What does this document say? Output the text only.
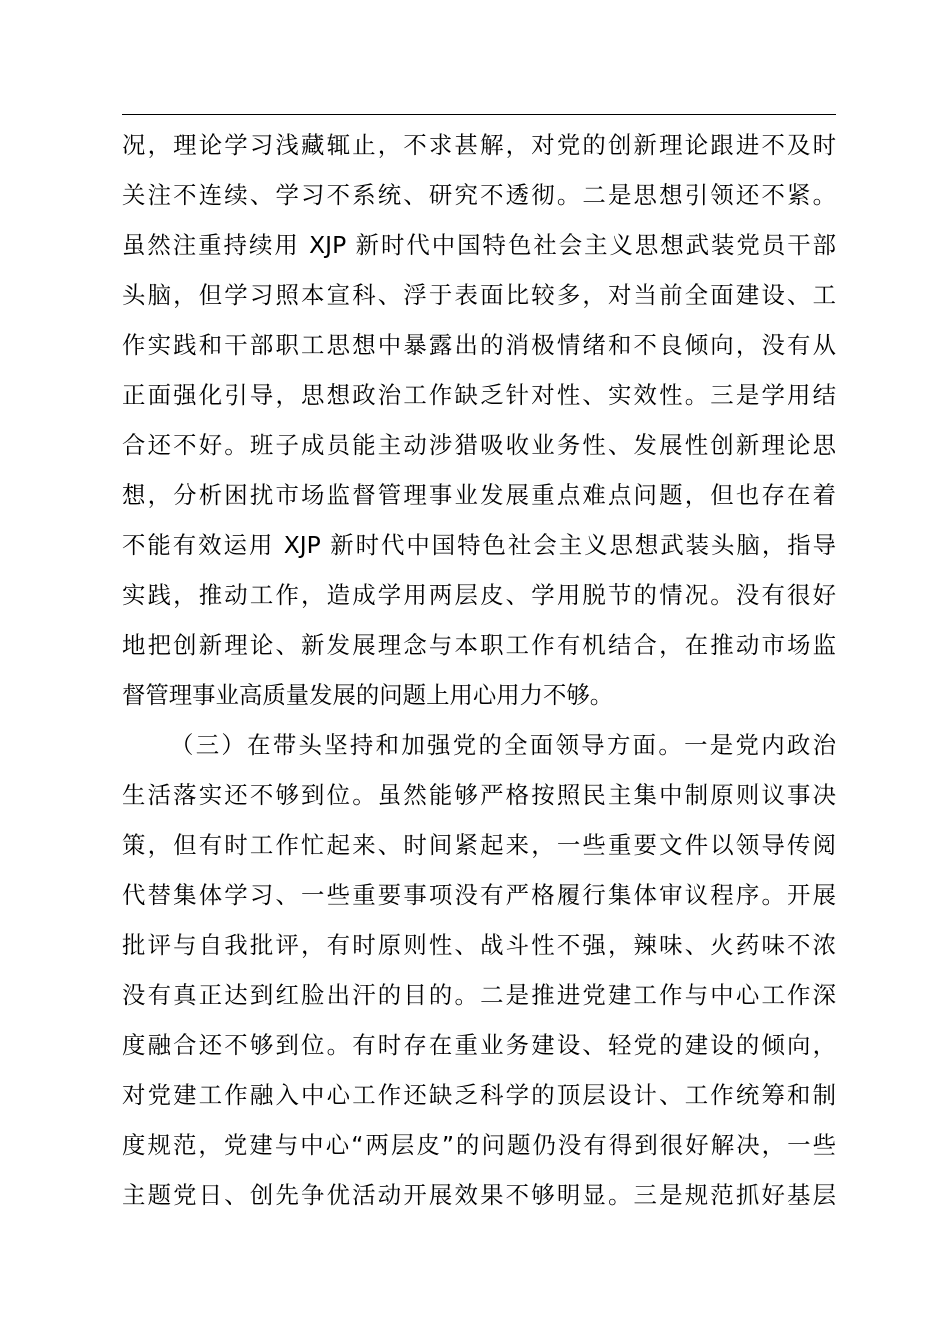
况，理论学习浅藏辄止，不求甚解，对党的创新理论跟进不及时
关注不连续、学习不系统、研究不透彻。二是思想引领还不紧。
虽然注重持续用 XJP 新时代中国特色社会主义思想武装党员干部
头脑，但学习照本宣科、浮于表面比较多，对当前全面建设、工
作实践和干部职工思想中暴露出的消极情绪和不良倾向，没有从
正面强化引导，思想政治工作缺乏针对性、实效性。三是学用结
合还不好。班子成员能主动涉猎吸收业务性、发展性创新理论思
想，分析困扰市场监督管理事业发展重点难点问题，但也存在着
不能有效运用 XJP 新时代中国特色社会主义思想武装头脑，指导
实践，推动工作，造成学用两层皮、学用脱节的情况。没有很好
地把创新理论、新发展理念与本职工作有机结合，在推动市场监
督管理事业高质量发展的问题上用心用力不够。
（三）在带头坚持和加强党的全面领导方面。一是党内政治
生活落实还不够到位。虽然能够严格按照民主集中制原则议事决
策，但有时工作忙起来、时间紧起来，一些重要文件以领导传阅
代替集体学习、一些重要事项没有严格履行集体审议程序。开展
批评与自我批评，有时原则性、战斗性不强，辣味、火药味不浓
没有真正达到红脸出汗的目的。二是推进党建工作与中心工作深
度融合还不够到位。有时存在重业务建设、轻党的建设的倾向，
对党建工作融入中心工作还缺乏科学的顶层设计、工作统筹和制
度规范，党建与中心“两层皮”的问题仍没有得到很好解决，一些
主题党日、创先争优活动开展效果不够明显。三是规范抓好基层
